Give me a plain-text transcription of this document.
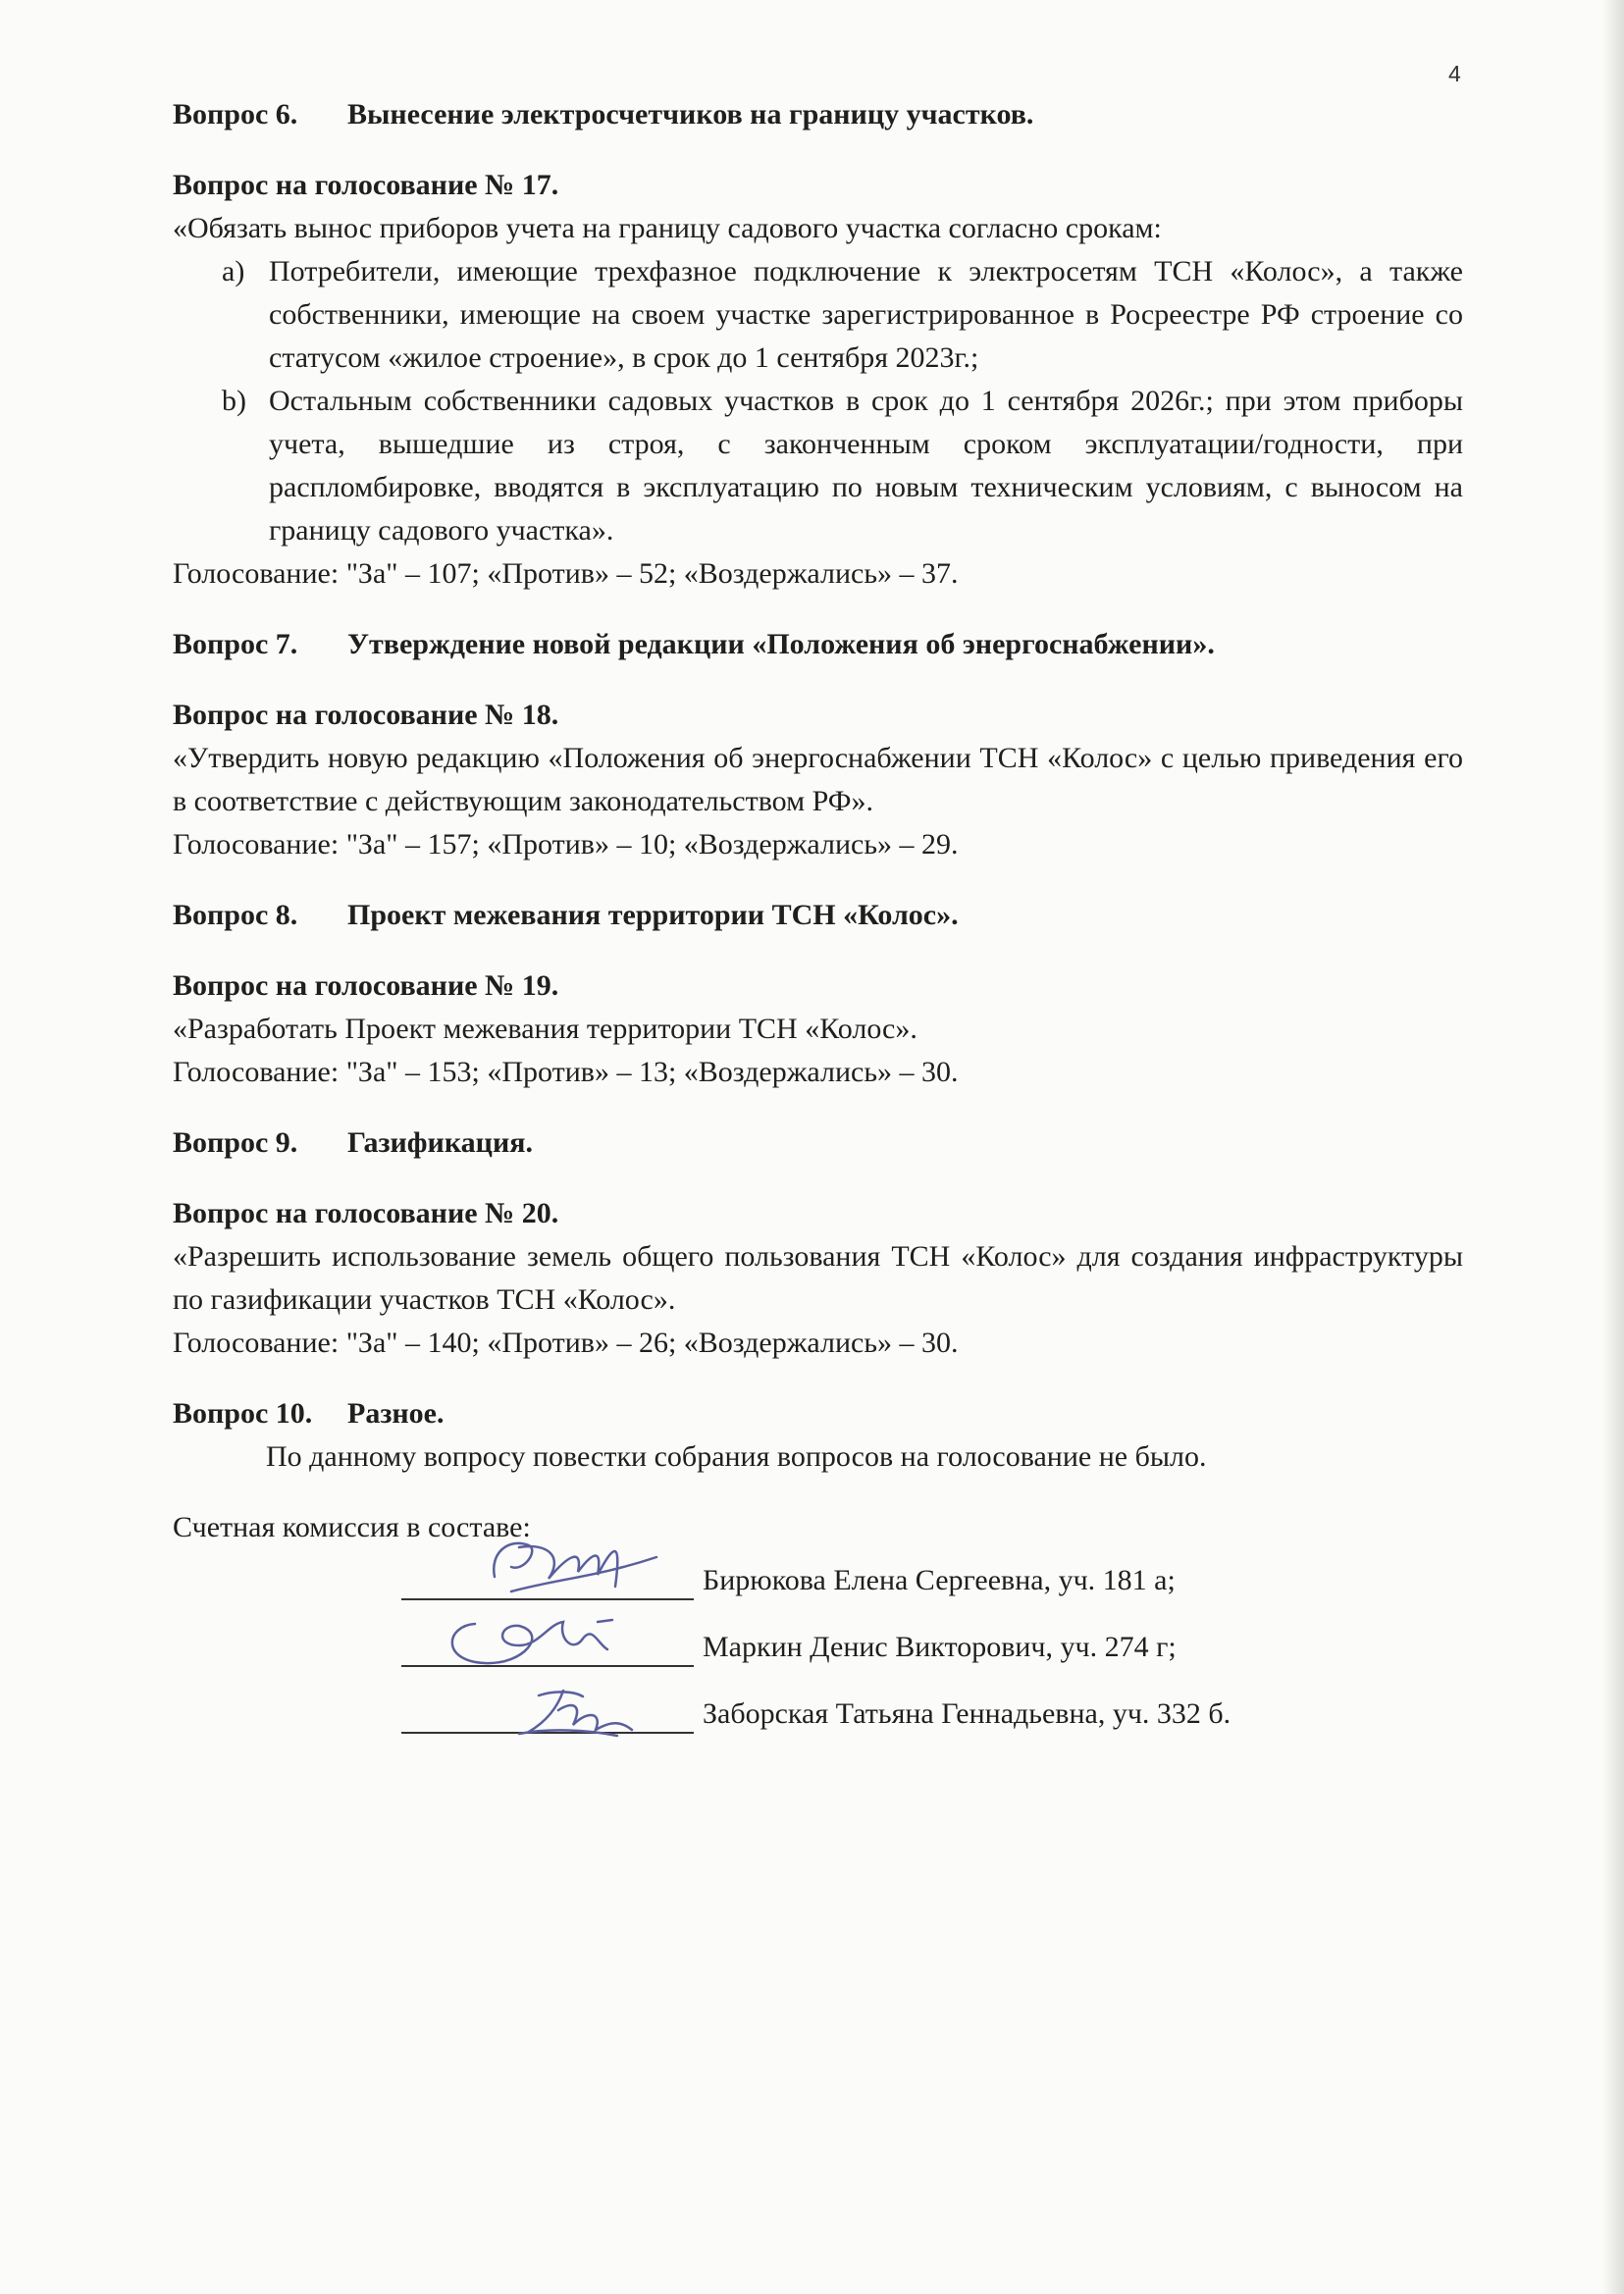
4

Вопрос 6. Вынесение электросчетчиков на границу участков.

Вопрос на голосование № 17.

«Обязать вынос приборов учета на границу садового участка согласно срокам:

a) Потребители, имеющие трехфазное подключение к электросетям ТСН «Колос», а также собственники, имеющие на своем участке зарегистрированное в Росреестре РФ строение со статусом «жилое строение», в срок до 1 сентября 2023г.;
b) Остальным собственники садовых участков в срок до 1 сентября 2026г.; при этом приборы учета, вышедшие из строя, с законченным сроком эксплуатации/годности, при распломбировке, вводятся в эксплуатацию по новым техническим условиям, с выносом на границу садового участка».

Голосование: "За" – 107; «Против» – 52; «Воздержались» – 37.

Вопрос 7. Утверждение новой редакции «Положения об энергоснабжении».

Вопрос на голосование № 18.

«Утвердить новую редакцию «Положения об энергоснабжении ТСН «Колос» с целью приведения его в соответствие с действующим законодательством РФ».

Голосование: "За" – 157; «Против» – 10; «Воздержались» – 29.

Вопрос 8. Проект межевания территории ТСН «Колос».

Вопрос на голосование № 19.

«Разработать Проект межевания территории ТСН «Колос».

Голосование: "За" – 153; «Против» – 13; «Воздержались» – 30.

Вопрос 9. Газификация.

Вопрос на голосование № 20.

«Разрешить использование земель общего пользования ТСН «Колос» для создания инфраструктуры по газификации участков ТСН «Колос».

Голосование: "За" – 140; «Против» – 26; «Воздержались» – 30.

Вопрос 10. Разное.

По данному вопросу повестки собрания вопросов на голосование не было.

Счетная комиссия в составе:

Бирюкова Елена Сергеевна, уч. 181 а;
Маркин Денис Викторович, уч. 274 г;
Заборская Татьяна Геннадьевна, уч. 332 б.
